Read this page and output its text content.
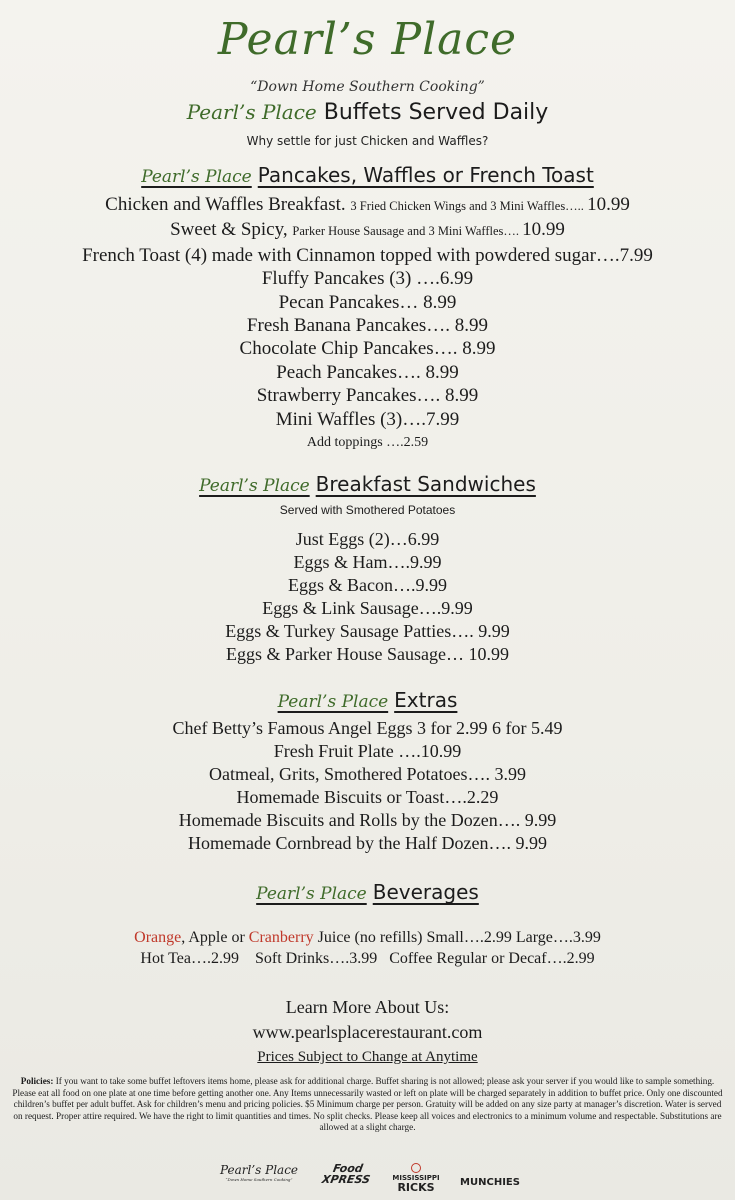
Pearl’s Place
“Down Home Southern Cooking”
Pearl’s Place Buffets Served Daily
Why settle for just Chicken and Waffles?
Pearl’s Place Pancakes, Waffles or French Toast
Chicken and Waffles Breakfast. 3 Fried Chicken Wings and 3 Mini Waffles….. 10.99
Sweet & Spicy, Parker House Sausage and 3 Mini Waffles…. 10.99
French Toast (4) made with Cinnamon topped with powdered sugar….7.99
Fluffy Pancakes (3) ….6.99
Pecan Pancakes… 8.99
Fresh Banana Pancakes…. 8.99
Chocolate Chip Pancakes…. 8.99
Peach Pancakes…. 8.99
Strawberry Pancakes…. 8.99
Mini Waffles (3)….7.99
Add toppings ….2.59
Pearl’s Place Breakfast Sandwiches
Served with Smothered Potatoes
Just Eggs (2)…6.99
Eggs & Ham….9.99
Eggs & Bacon….9.99
Eggs & Link Sausage….9.99
Eggs & Turkey Sausage Patties…. 9.99
Eggs & Parker House Sausage… 10.99
Pearl’s Place Extras
Chef Betty’s Famous Angel Eggs 3 for 2.99 6 for 5.49
Fresh Fruit Plate ….10.99
Oatmeal, Grits, Smothered Potatoes…. 3.99
Homemade Biscuits or Toast….2.29
Homemade Biscuits and Rolls by the Dozen…. 9.99
Homemade Cornbread by the Half Dozen…. 9.99
Pearl’s Place Beverages
Orange, Apple or Cranberry Juice (no refills) Small….2.99 Large….3.99
Hot Tea….2.99    Soft Drinks….3.99   Coffee Regular or Decaf….2.99
Learn More About Us:
www.pearlsplacerestaurant.com
Prices Subject to Change at Anytime
Policies: If you want to take some buffet leftovers items home, please ask for additional charge. Buffet sharing is not allowed; please ask your server if you would like to sample something. Please eat all food on one plate at one time before getting another one. Any Items unnecessarily wasted or left on plate will be charged separately in addition to buffet price. Only one discounted children’s buffet per adult buffet. Ask for children’s menu and pricing policies. $5 Minimum charge per person. Gratuity will be added on any size party at manager’s discretion. Water is served on request. Proper attire required. We have the right to limit quantities and times. No split checks. Please keep all voices and electronics to a minimum volume and respectable. Substitutions are allowed at a slight charge.
Pearl’s Place
“Down Home Southern Cooking”
Food
XPRESS	MISSISSIPPI
RICKS	MUNCHIES
